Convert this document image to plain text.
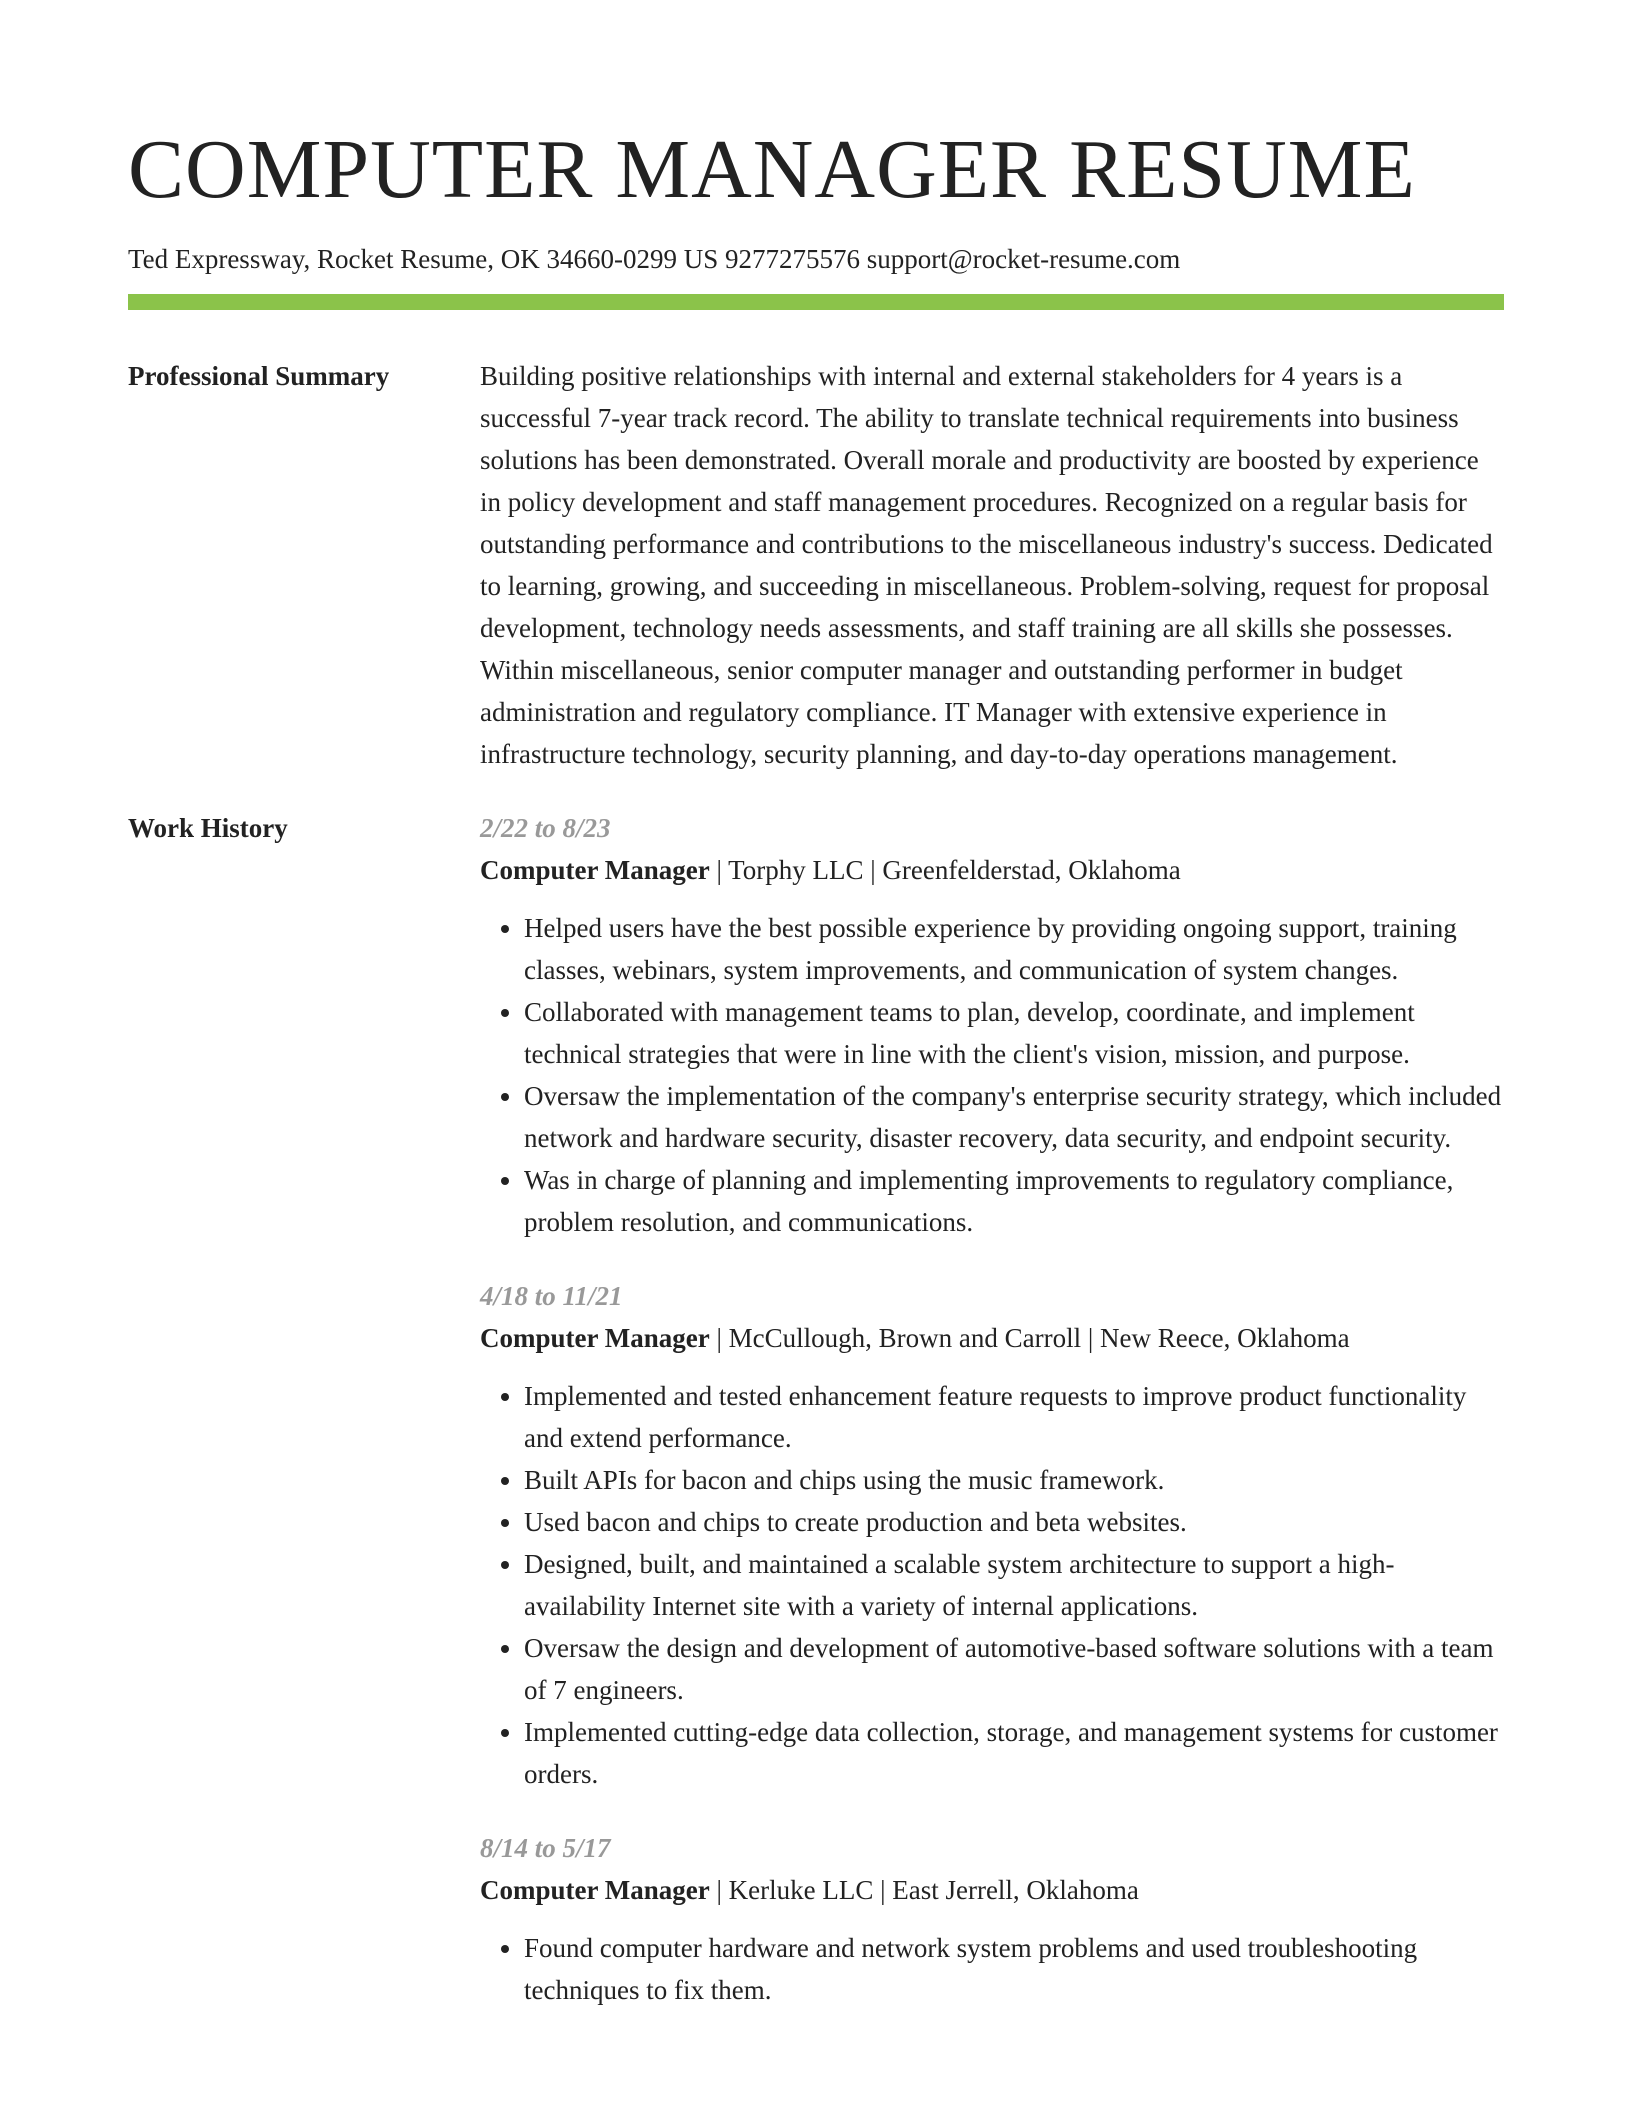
COMPUTER MANAGER RESUME
Ted Expressway, Rocket Resume, OK 34660-0299 US 9277275576 support@rocket-resume.com
Professional Summary	Building positive relationships with internal and external stakeholders for 4 years is a successful 7-year track record. The ability to translate technical requirements into business solutions has been demonstrated. Overall morale and productivity are boosted by experience in policy development and staff management procedures. Recognized on a regular basis for outstanding performance and contributions to the miscellaneous industry's success. Dedicated to learning, growing, and succeeding in miscellaneous. Problem-solving, request for proposal development, technology needs assessments, and staff training are all skills she possesses. Within miscellaneous, senior computer manager and outstanding performer in budget administration and regulatory compliance. IT Manager with extensive experience in infrastructure technology, security planning, and day-to-day operations management.

Work History	2/22 to 8/23
Computer Manager | Torphy LLC | Greenfelderstad, Oklahoma
• Helped users have the best possible experience by providing ongoing support, training classes, webinars, system improvements, and communication of system changes.
• Collaborated with management teams to plan, develop, coordinate, and implement technical strategies that were in line with the client's vision, mission, and purpose.
• Oversaw the implementation of the company's enterprise security strategy, which included network and hardware security, disaster recovery, data security, and endpoint security.
• Was in charge of planning and implementing improvements to regulatory compliance, problem resolution, and communications.
4/18 to 11/21
Computer Manager | McCullough, Brown and Carroll | New Reece, Oklahoma
• Implemented and tested enhancement feature requests to improve product functionality and extend performance.
• Built APIs for bacon and chips using the music framework.
• Used bacon and chips to create production and beta websites.
• Designed, built, and maintained a scalable system architecture to support a high-availability Internet site with a variety of internal applications.
• Oversaw the design and development of automotive-based software solutions with a team of 7 engineers.
• Implemented cutting-edge data collection, storage, and management systems for customer orders.
8/14 to 5/17
Computer Manager | Kerluke LLC | East Jerrell, Oklahoma
• Found computer hardware and network system problems and used troubleshooting techniques to fix them.
